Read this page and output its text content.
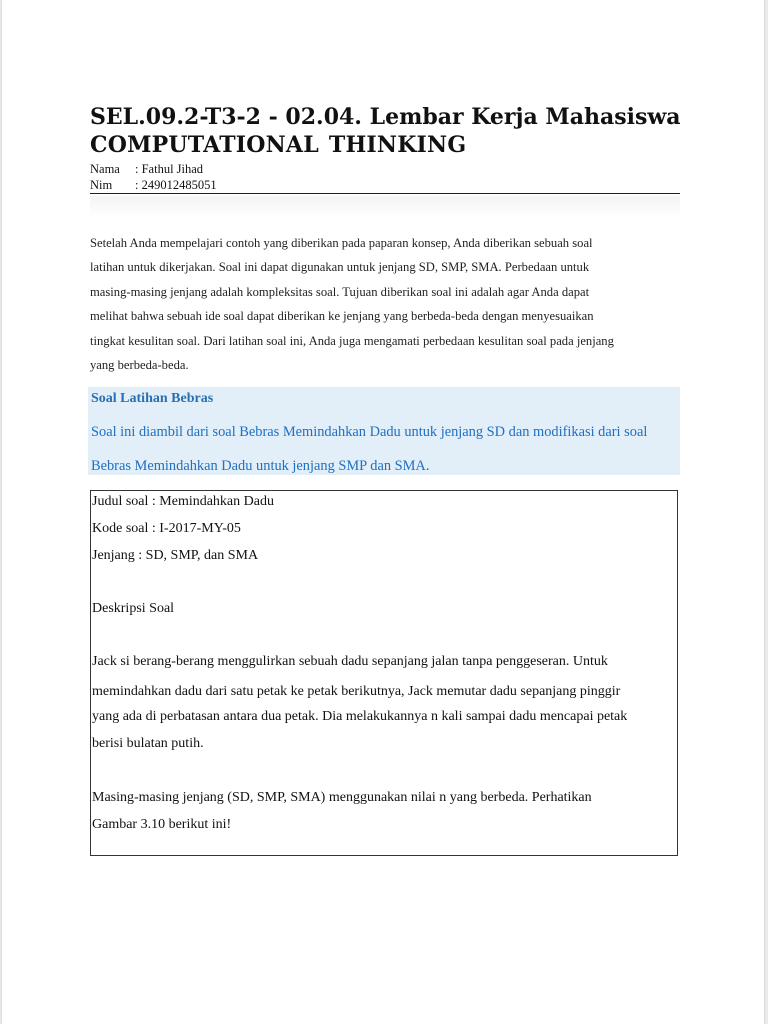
SEL.09.2-T3-2 - 02.04. Lembar Kerja Mahasiswa
COMPUTATIONAL THINKING
Nama : Fathul Jihad
Nim : 249012485051

Setelah Anda mempelajari contoh yang diberikan pada paparan konsep, Anda diberikan sebuah soal
latihan untuk dikerjakan. Soal ini dapat digunakan untuk jenjang SD, SMP, SMA. Perbedaan untuk
masing-masing jenjang adalah kompleksitas soal. Tujuan diberikan soal ini adalah agar Anda dapat
melihat bahwa sebuah ide soal dapat diberikan ke jenjang yang berbeda-beda dengan menyesuaikan
tingkat kesulitan soal. Dari latihan soal ini, Anda juga mengamati perbedaan kesulitan soal pada jenjang
yang berbeda-beda.

Soal Latihan Bebras
Soal ini diambil dari soal Bebras Memindahkan Dadu untuk jenjang SD dan modifikasi dari soal
Bebras Memindahkan Dadu untuk jenjang SMP dan SMA.
Judul soal : Memindahkan Dadu
Kode soal : I-2017-MY-05
Jenjang : SD, SMP, dan SMA
Deskripsi Soal
Jack si berang-berang menggulirkan sebuah dadu sepanjang jalan tanpa penggeseran. Untuk
memindahkan dadu dari satu petak ke petak berikutnya, Jack memutar dadu sepanjang pinggir
yang ada di perbatasan antara dua petak. Dia melakukannya n kali sampai dadu mencapai petak
berisi bulatan putih.
Masing-masing jenjang (SD, SMP, SMA) menggunakan nilai n yang berbeda. Perhatikan
Gambar 3.10 berikut ini!
